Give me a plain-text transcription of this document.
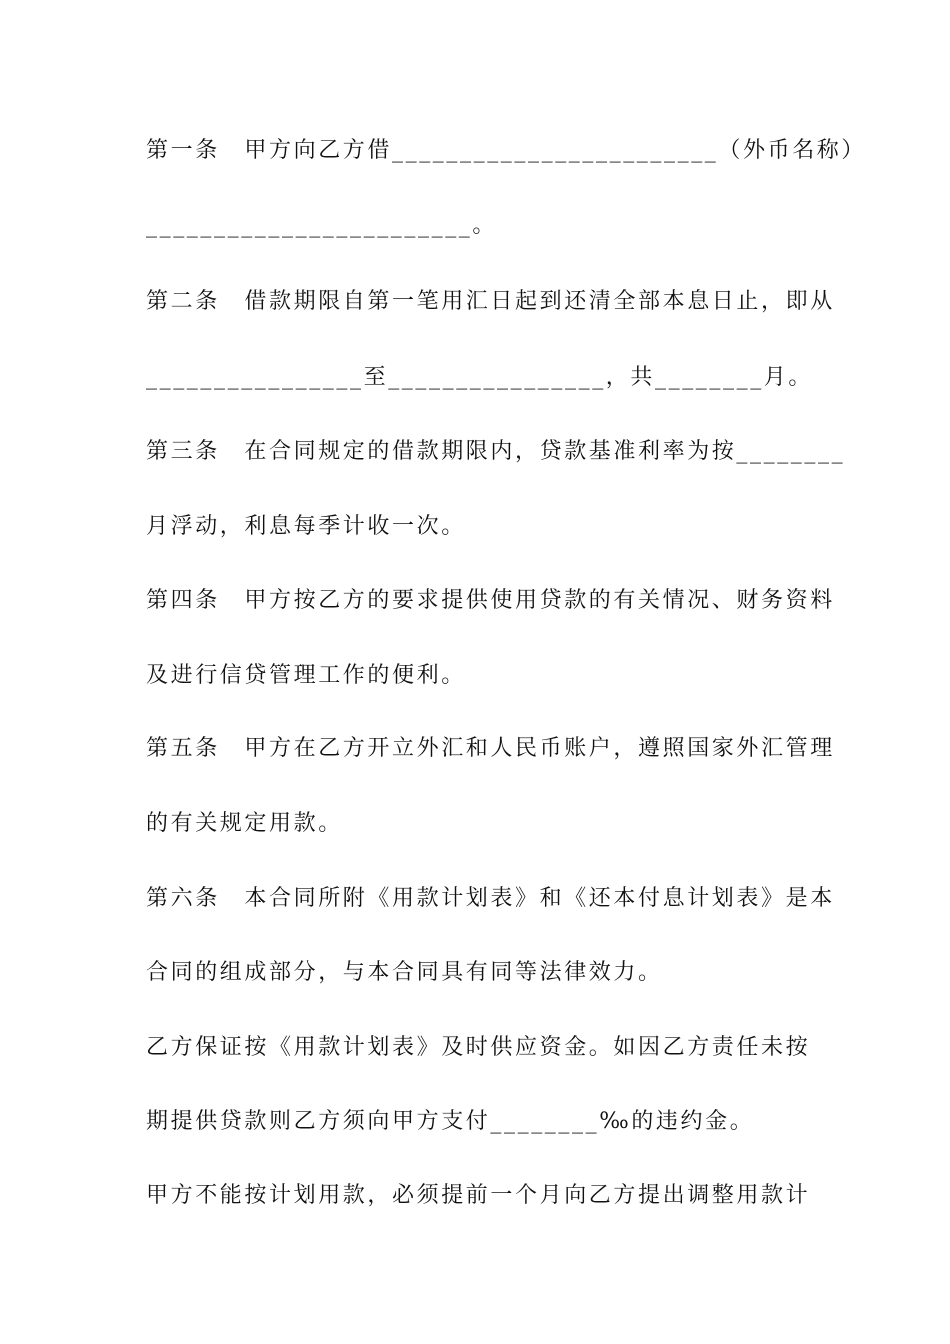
第一条　甲方向乙方借________________________（外币名称）

________________________。

第二条　借款期限自第一笔用汇日起到还清全部本息日止，即从

________________至________________，共________月。

第三条　在合同规定的借款期限内，贷款基准利率为按________

月浮动，利息每季计收一次。

第四条　甲方按乙方的要求提供使用贷款的有关情况、财务资料

及进行信贷管理工作的便利。

第五条　甲方在乙方开立外汇和人民币账户，遵照国家外汇管理

的有关规定用款。

第六条　本合同所附《用款计划表》和《还本付息计划表》是本

合同的组成部分，与本合同具有同等法律效力。

乙方保证按《用款计划表》及时供应资金。如因乙方责任未按

期提供贷款则乙方须向甲方支付________‰的违约金。

甲方不能按计划用款，必须提前一个月向乙方提出调整用款计
